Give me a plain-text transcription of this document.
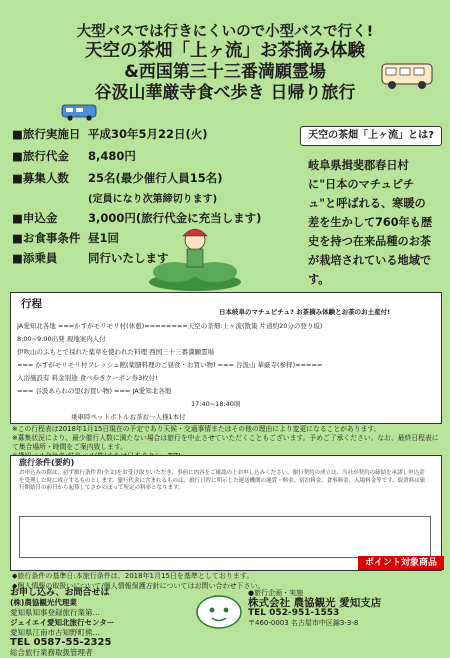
大型バスでは行きにくいので小型バスで行く!
天空の茶畑「上ヶ流」お茶摘み体験
&西国第三十三番満願霊場
谷汲山華厳寺食べ歩き 日帰り旅行
■旅行実施日 平成30年5月22日(火)
■旅行代金 8,480円
■募集人数 25名(最少催行人員15名)
(定員になり次第締切ります)
■申込金	3,000円(旅行代金に充当します)
■お食事条件 昼1回
■添乗員	同行いたします
天空の茶畑「上ヶ流」とは?
岐阜県揖斐郡春日村に"日本のマチュピチュ"と呼ばれる、寒暖の差を生かして760年も歴史を持つ在来品種のお茶が栽培されている地域です。
行程
日本岐阜のマチュピチュ? お茶摘み体験とお茶のお土産付!
JA愛知北各地 ===かすがモリモリ村(休憩)========天空の茶畑:上ヶ流(散策 片道約20分の登り坂)
8:00~9:00出発 現地案内人付
伊吹山のふもとで採れた薬草を使われた料理 西国三十三番満願霊場
=== かすがモリモリ村フレッシュ館(薬膳料理のご昼食・お買い物) === 谷汲山 華厳寺(参拝)=====
入浴施設有 料金別途 食べ歩きクーポン券3枚付!
=== 谷汲あられの里(お買い物) === JA愛知北各地
17:40~18:40頃
乗車時ペットボトルお茶お一人様1本付
※この行程表は2018年1月15日現在の予定であり天候・交通事情またはその他の理由により変更になることがあります。
※募集状況により、最少催行人数に満たない場合は旅行を中止させていただくこともございます。予めご了承ください。なお、最終日程表にて集合場所・時間をご案内致します。
旅行条件(要約)
お申込みの際は、必ず旅行条件書(全文)をお受け取りいただき、事前に内容をご確認の上お申し込みください。旅行契約の成立は、当社が契約の締結を承諾し申込金を受理した時に成立するものとします。旅行代金に含まれるものは、旅行日程に明示した運送機関の運賃・料金、宿泊料金、食事料金、入場料金等です。取消料は旅行開始日の前日から起算してさかのぼって所定の料率となります。
ポイント対象商品
◆旅行条件の基準日:本旅行条件は、2018年1月15日を基準としております。
◆個人情報の取扱いについて/個人情報保護方針についてはお問い合わせ下さい。
お申し込み、お問合せは
(株)農協観光代理業
愛知県知事登録旅行業第…
ジェイエイ愛知北旅行センター
愛知県江南市古知野町熊…
TEL 0587-55-2325
総合旅行業務取扱管理者
●旅行企画・実施
株式会社 農協観光 愛知支店
TEL 052-951-1553
〒460-0003 名古屋市中区錦3-3-8
